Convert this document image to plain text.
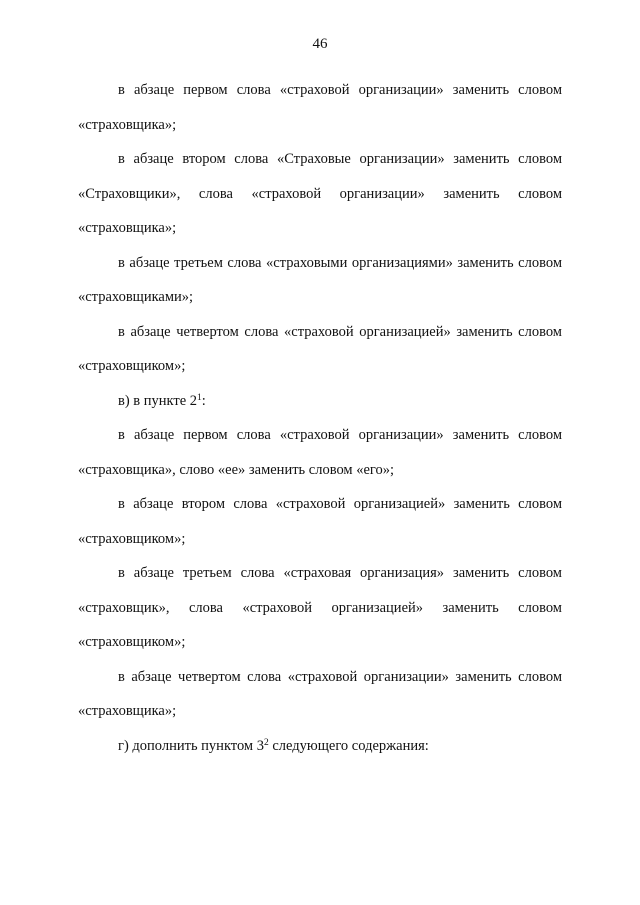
46

в абзаце первом слова «страховой организации» заменить словом «страховщика»;

в абзаце втором слова «Страховые организации» заменить словом «Страховщики», слова «страховой организации» заменить словом «страховщика»;

в абзаце третьем слова «страховыми организациями» заменить словом «страховщиками»;

в абзаце четвертом слова «страховой организацией» заменить словом «страховщиком»;

в) в пункте $2^1$:

в абзаце первом слова «страховой организации» заменить словом «страховщика», слово «ее» заменить словом «его»;

в абзаце втором слова «страховой организацией» заменить словом «страховщиком»;

в абзаце третьем слова «страховая организация» заменить словом «страховщик», слова «страховой организацией» заменить словом «страховщиком»;

в абзаце четвертом слова «страховой организации» заменить словом «страховщика»;

г) дополнить пунктом $3^2$ следующего содержания:
